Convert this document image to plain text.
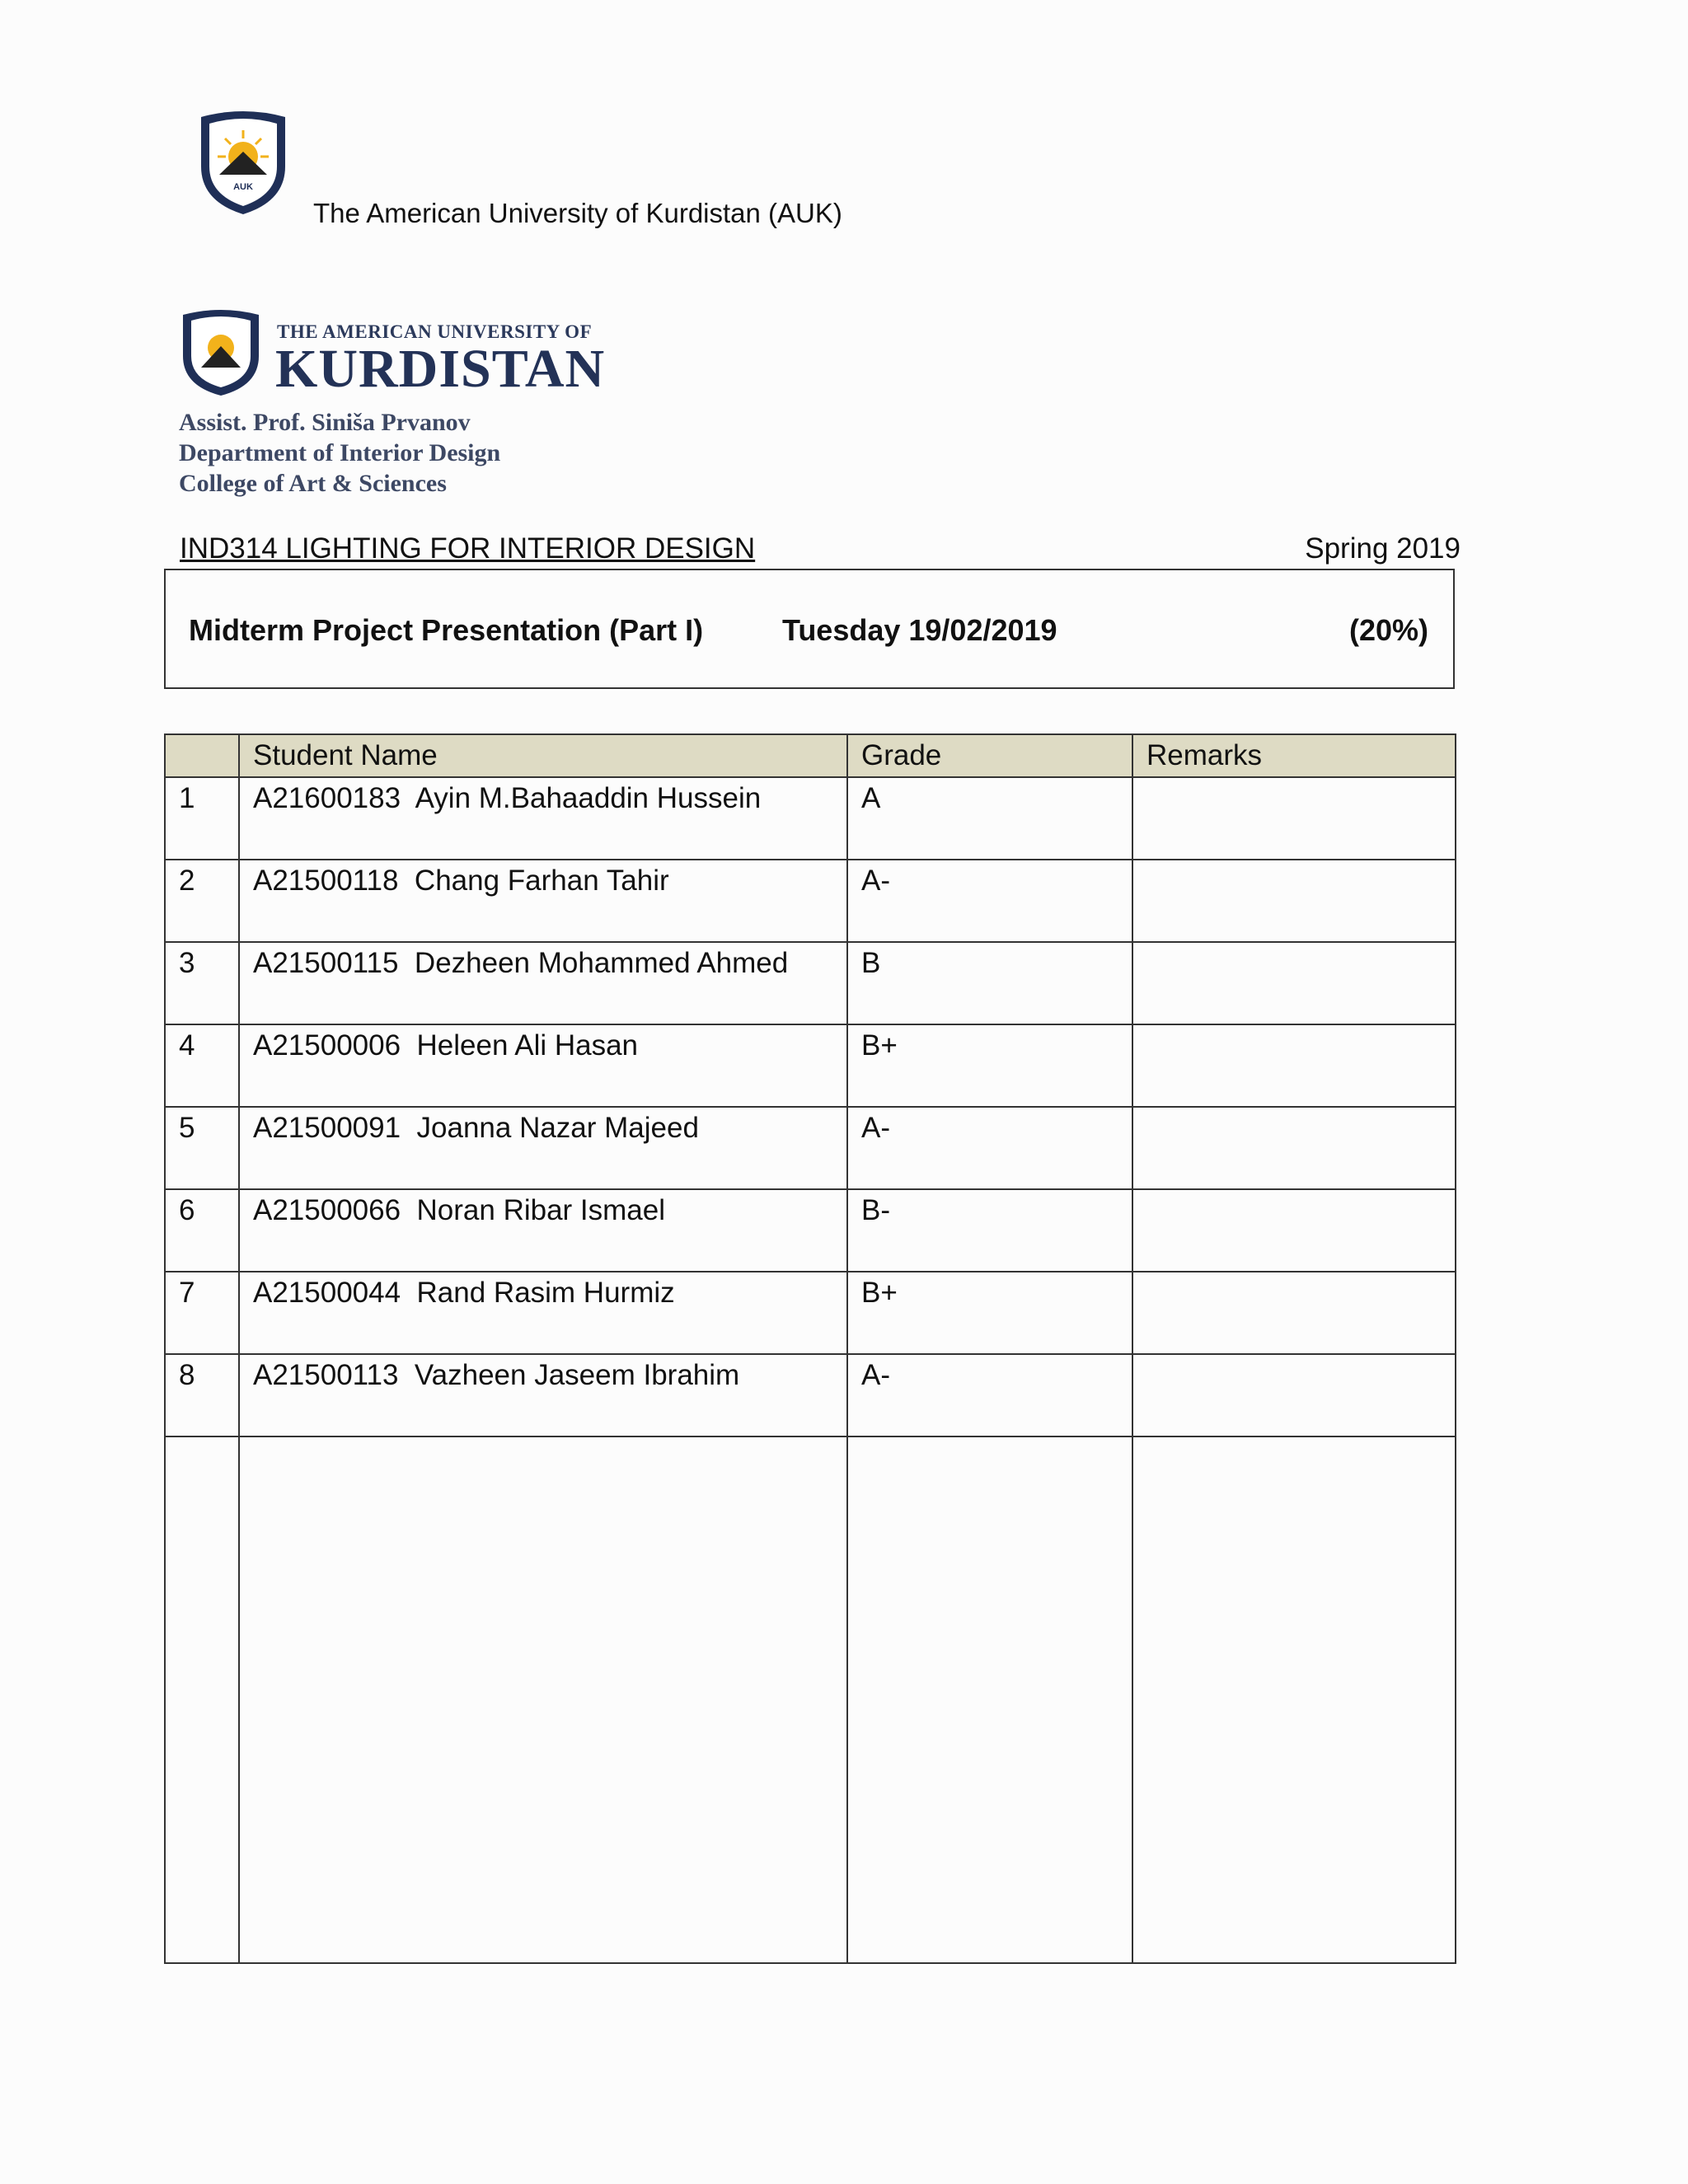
AUK
The American University of Kurdistan (AUK)
THE AMERICAN UNIVERSITY OF
KURDISTAN
Assist. Prof. Siniša Prvanov
Department of Interior Design
College of Art & Sciences
IND314 LIGHTING FOR INTERIOR DESIGN	Spring 2019
Midterm Project Presentation (Part I)	Tuesday 19/02/2019	(20%)
	Student Name	Grade	Remarks
1	A21600183  Ayin M.Bahaaddin Hussein	A	
2	A21500118  Chang Farhan Tahir	A-	
3	A21500115  Dezheen Mohammed Ahmed	B	
4	A21500006  Heleen Ali Hasan	B+	
5	A21500091  Joanna Nazar Majeed	A-	
6	A21500066  Noran Ribar Ismael	B-	
7	A21500044  Rand Rasim Hurmiz	B+	
8	A21500113  Vazheen Jaseem Ibrahim	A-	
